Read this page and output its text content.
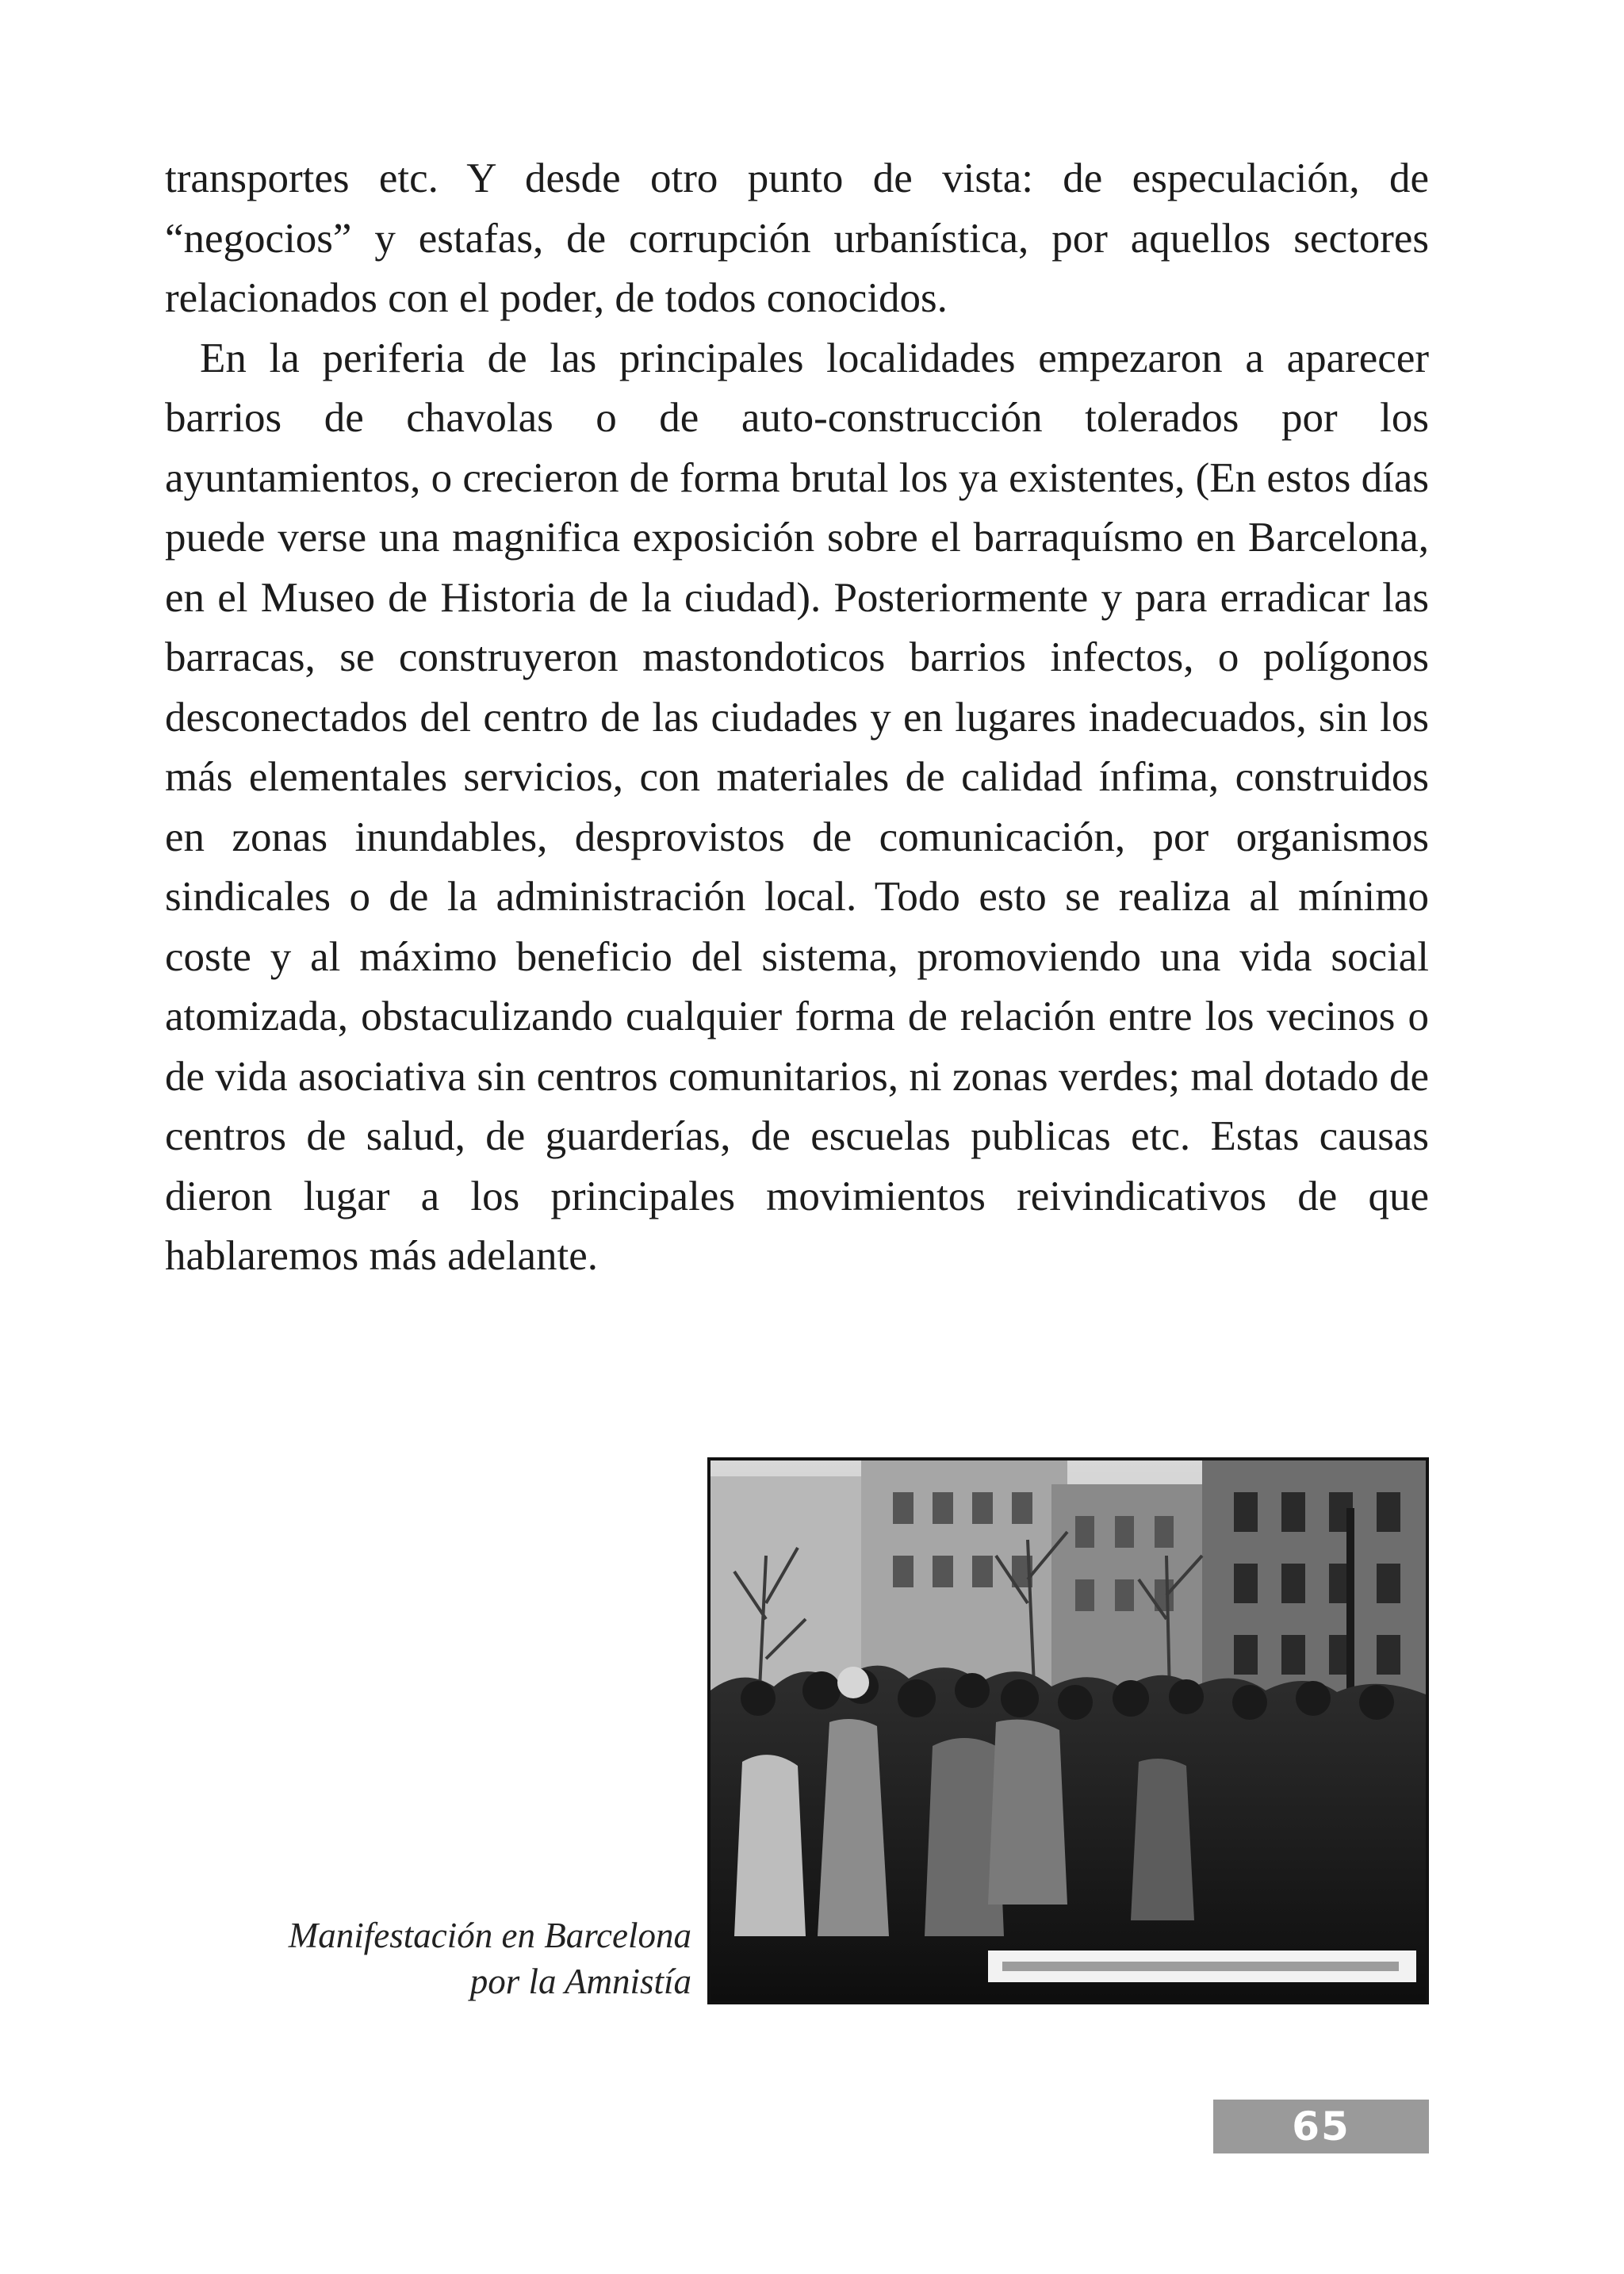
transportes etc. Y desde otro punto de vista: de especulación, de “negocios” y estafas, de corrupción urbanística, por aquellos sectores relacionados con el poder, de todos conocidos.

En la periferia de las principales localidades empezaron a aparecer barrios de chavolas o de auto-construcción tolerados por los ayuntamientos, o crecieron de forma brutal los ya existentes, (En estos días puede verse una magnifica exposición sobre el barraquísmo en Barcelona, en el Museo de Historia de la ciudad). Posteriormente y para erradicar las barracas, se construyeron mastondoticos barrios infectos, o polígonos desconectados del centro de las ciudades y en lugares inadecuados, sin los más elementales servicios, con materiales de calidad ínfima, construidos en zonas inundables, desprovistos de comunicación, por organismos sindicales o de la administración local. Todo esto se realiza al mínimo coste y al máximo beneficio del sistema, promoviendo una vida social atomizada, obstaculizando cualquier forma de relación entre los vecinos o de vida asociativa sin centros comunitarios, ni zonas verdes; mal dotado de centros de salud, de guarderías, de escuelas publicas etc. Estas causas dieron lugar a los principales movimientos reivindicativos de que hablaremos más adelante.

Manifestación en Barcelona
por la Amnistía
65
